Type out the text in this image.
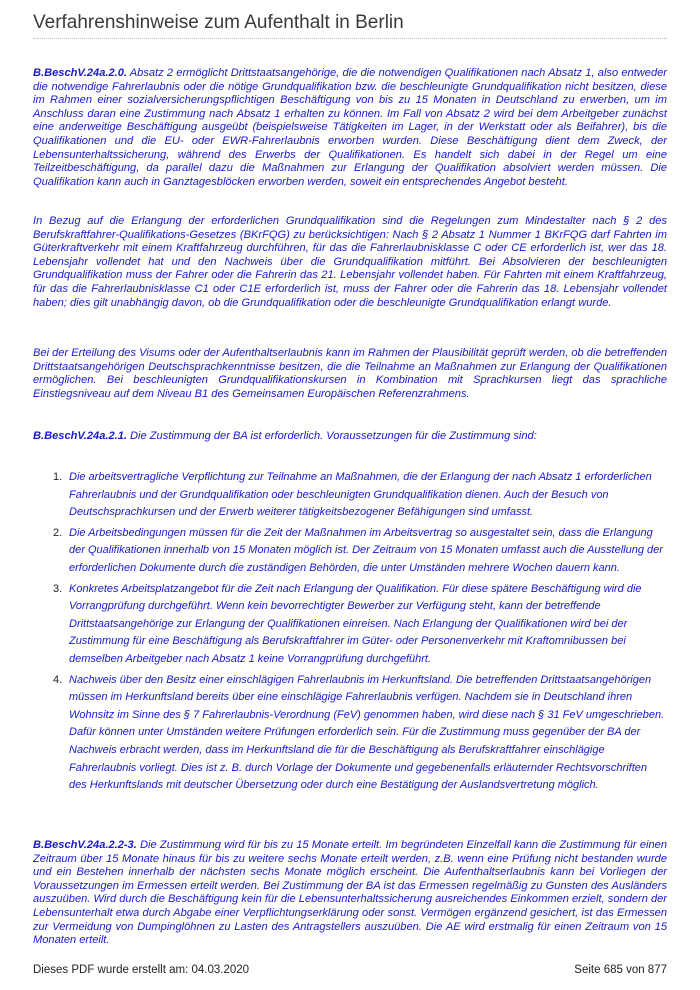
Verfahrenshinweise zum Aufenthalt in Berlin

B.BeschV.24a.2.0. Absatz 2 ermöglicht Drittstaatsangehörige, die die notwendigen Qualifikationen nach Absatz 1, also entweder die notwendige Fahrerlaubnis oder die nötige Grundqualifikation bzw. die beschleunigte Grundqualifikation nicht besitzen, diese im Rahmen einer sozialversicherungspflichtigen Beschäftigung von bis zu 15 Monaten in Deutschland zu erwerben, um im Anschluss daran eine Zustimmung nach Absatz 1 erhalten zu können. Im Fall von Absatz 2 wird bei dem Arbeitgeber zunächst eine anderweitige Beschäftigung ausgeübt (beispielsweise Tätigkeiten im Lager, in der Werkstatt oder als Beifahrer), bis die Qualifikationen und die EU- oder EWR-Fahrerlaubnis erworben wurden. Diese Beschäftigung dient dem Zweck, der Lebensunterhaltssicherung, während des Erwerbs der Qualifikationen. Es handelt sich dabei in der Regel um eine Teilzeitbeschäftigung, da parallel dazu die Maßnahmen zur Erlangung der Qualifikation absolviert werden müssen. Die Qualifikation kann auch in Ganztagesblöcken erworben werden, soweit ein entsprechendes Angebot besteht.

In Bezug auf die Erlangung der erforderlichen Grundqualifikation sind die Regelungen zum Mindestalter nach § 2 des Berufskraftfahrer-Qualifikations-Gesetzes (BKrFQG) zu berücksichtigen: Nach § 2 Absatz 1 Nummer 1 BKrFQG darf Fahrten im Güterkraftverkehr mit einem Kraftfahrzeug durchführen, für das die Fahrerlaubnisklasse C oder CE erforderlich ist, wer das 18. Lebensjahr vollendet hat und den Nachweis über die Grundqualifikation mitführt. Bei Absolvieren der beschleunigten Grundqualifikation muss der Fahrer oder die Fahrerin das 21. Lebensjahr vollendet haben. Für Fahrten mit einem Kraftfahrzeug, für das die Fahrerlaubnisklasse C1 oder C1E erforderlich ist, muss der Fahrer oder die Fahrerin das 18. Lebensjahr vollendet haben; dies gilt unabhängig davon, ob die Grundqualifikation oder die beschleunigte Grundqualifikation erlangt wurde.

Bei der Erteilung des Visums oder der Aufenthaltserlaubnis kann im Rahmen der Plausibilität geprüft werden, ob die betreffenden Drittstaatsangehörigen Deutschsprachkenntnisse besitzen, die die Teilnahme an Maßnahmen zur Erlangung der Qualifikationen ermöglichen. Bei beschleunigten Grundqualifikationskursen in Kombination mit Sprachkursen liegt das sprachliche Einstiegsniveau auf dem Niveau B1 des Gemeinsamen Europäischen Referenzrahmens.

B.BeschV.24a.2.1. Die Zustimmung der BA ist erforderlich. Voraussetzungen für die Zustimmung sind:

1. Die arbeitsvertragliche Verpflichtung zur Teilnahme an Maßnahmen, die der Erlangung der nach Absatz 1 erforderlichen Fahrerlaubnis und der Grundqualifikation oder beschleunigten Grundqualifikation dienen. Auch der Besuch von Deutschsprachkursen und der Erwerb weiterer tätigkeitsbezogener Befähigungen sind umfasst.
2. Die Arbeitsbedingungen müssen für die Zeit der Maßnahmen im Arbeitsvertrag so ausgestaltet sein, dass die Erlangung der Qualifikationen innerhalb von 15 Monaten möglich ist. Der Zeitraum von 15 Monaten umfasst auch die Ausstellung der erforderlichen Dokumente durch die zuständigen Behörden, die unter Umständen mehrere Wochen dauern kann.
3. Konkretes Arbeitsplatzangebot für die Zeit nach Erlangung der Qualifikation. Für diese spätere Beschäftigung wird die Vorrangprüfung durchgeführt. Wenn kein bevorrechtigter Bewerber zur Verfügung steht, kann der betreffende Drittstaatsangehörige zur Erlangung der Qualifikationen einreisen. Nach Erlangung der Qualifikationen wird bei der Zustimmung für eine Beschäftigung als Berufskraftfahrer im Güter- oder Personenverkehr mit Kraftomnibussen bei demselben Arbeitgeber nach Absatz 1 keine Vorrangprüfung durchgeführt.
4. Nachweis über den Besitz einer einschlägigen Fahrerlaubnis im Herkunftsland. Die betreffenden Drittstaatsangehörigen müssen im Herkunftsland bereits über eine einschlägige Fahrerlaubnis verfügen. Nachdem sie in Deutschland ihren Wohnsitz im Sinne des § 7 Fahrerlaubnis-Verordnung (FeV) genommen haben, wird diese nach § 31 FeV umgeschrieben. Dafür können unter Umständen weitere Prüfungen erforderlich sein. Für die Zustimmung muss gegenüber der BA der Nachweis erbracht werden, dass im Herkunftsland die für die Beschäftigung als Berufskraftfahrer einschlägige Fahrerlaubnis vorliegt. Dies ist z. B. durch Vorlage der Dokumente und gegebenenfalls erläuternder Rechtsvorschriften des Herkunftslands mit deutscher Übersetzung oder durch eine Bestätigung der Auslandsvertretung möglich.

B.BeschV.24a.2.2-3. Die Zustimmung wird für bis zu 15 Monate erteilt. Im begründeten Einzelfall kann die Zustimmung für einen Zeitraum über 15 Monate hinaus für bis zu weitere sechs Monate erteilt werden, z.B. wenn eine Prüfung nicht bestanden wurde und ein Bestehen innerhalb der nächsten sechs Monate möglich erscheint. Die Aufenthaltserlaubnis kann bei Vorliegen der Voraussetzungen im Ermessen erteilt werden. Bei Zustimmung der BA ist das Ermessen regelmäßig zu Gunsten des Ausländers auszuüben. Wird durch die Beschäftigung kein für die Lebensunterhaltssicherung ausreichendes Einkommen erzielt, sondern der Lebensunterhalt etwa durch Abgabe einer Verpflichtungserklärung oder sonst. Vermögen ergänzend gesichert, ist das Ermessen zur Vermeidung von Dumpinglöhnen zu Lasten des Antragstellers auszuüben. Die AE wird erstmalig für einen Zeitraum von 15 Monaten erteilt.

Dieses PDF wurde erstellt am: 04.03.2020	Seite 685 von 877
